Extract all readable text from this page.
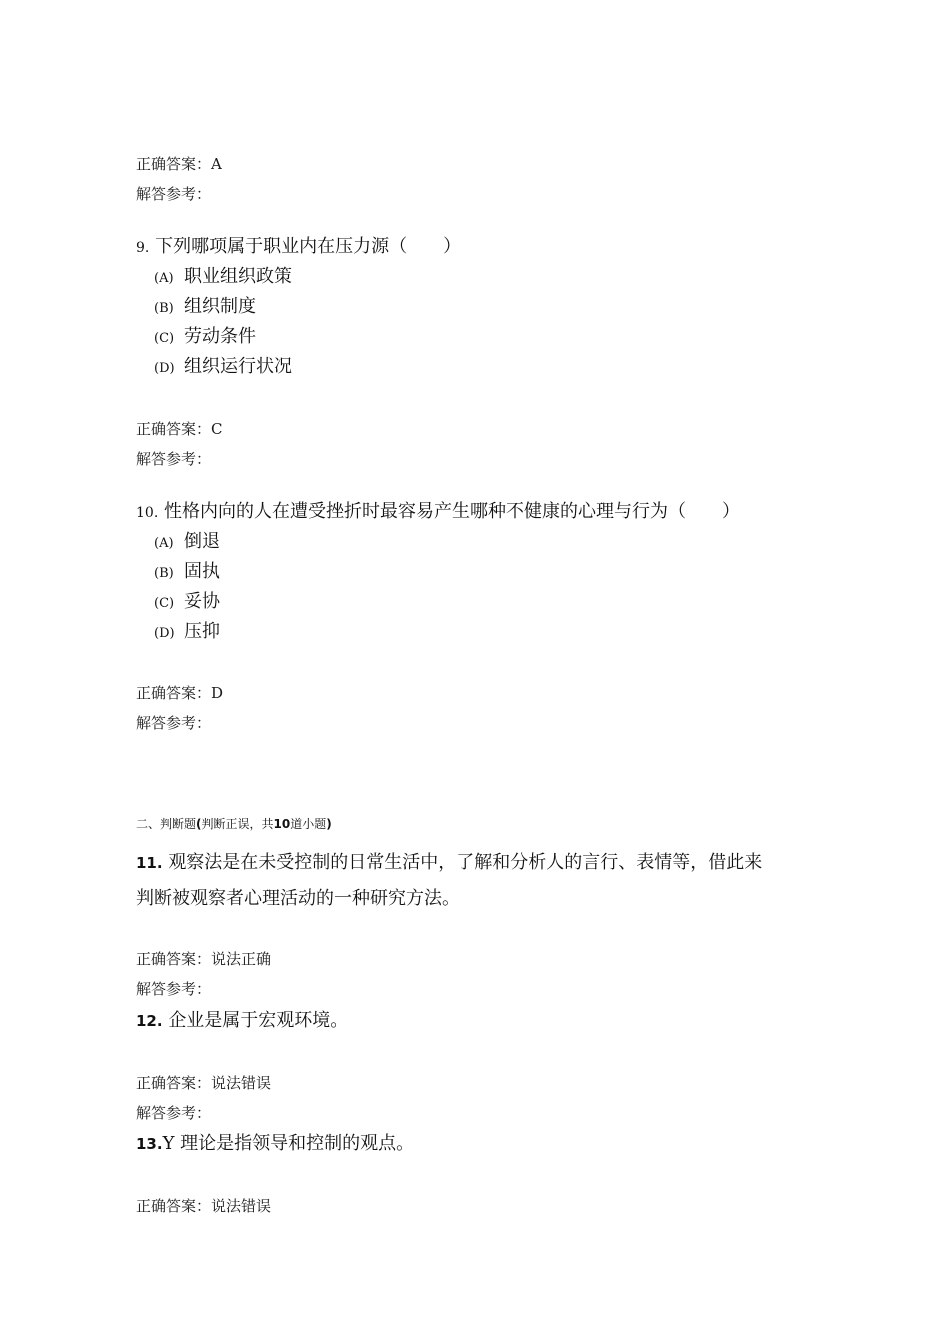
正确答案：A
解答参考：
9. 下列哪项属于职业内在压力源（　　）
(A) 职业组织政策
(B) 组织制度
(C) 劳动条件
(D) 组织运行状况
正确答案：C
解答参考：
10. 性格内向的人在遭受挫折时最容易产生哪种不健康的心理与行为（　　）
(A) 倒退
(B) 固执
(C) 妥协
(D) 压抑
正确答案：D
解答参考：
二、判断题(判断正误，共10道小题)
11. 观察法是在未受控制的日常生活中，了解和分析人的言行、表情等，借此来
判断被观察者心理活动的一种研究方法。
正确答案：说法正确
解答参考：
12. 企业是属于宏观环境。
正确答案：说法错误
解答参考：
13.Y 理论是指领导和控制的观点。
正确答案：说法错误
